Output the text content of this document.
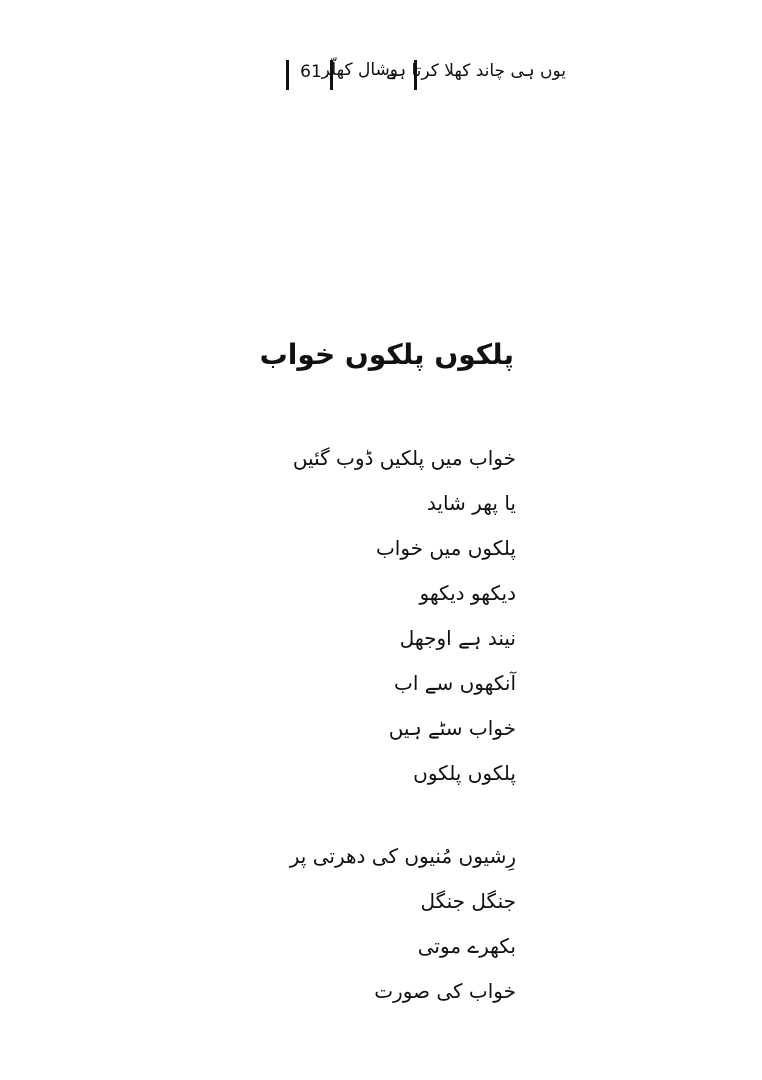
61 وشال کھلّر
یوں ہی چاند کھلا کرتا ہے
پلکوں پلکوں خواب
خواب میں پلکیں ڈوب گئیں
یا پھر شاید
پلکوں میں خواب
دیکھو دیکھو
نیند ہے اوجھل
آنکھوں سے اب
خواب سٹے ہیں
پلکوں پلکوں
رِشیوں مُنیوں کی دھرتی پر
جنگل جنگل
بکھرے موتی
خواب کی صورت
